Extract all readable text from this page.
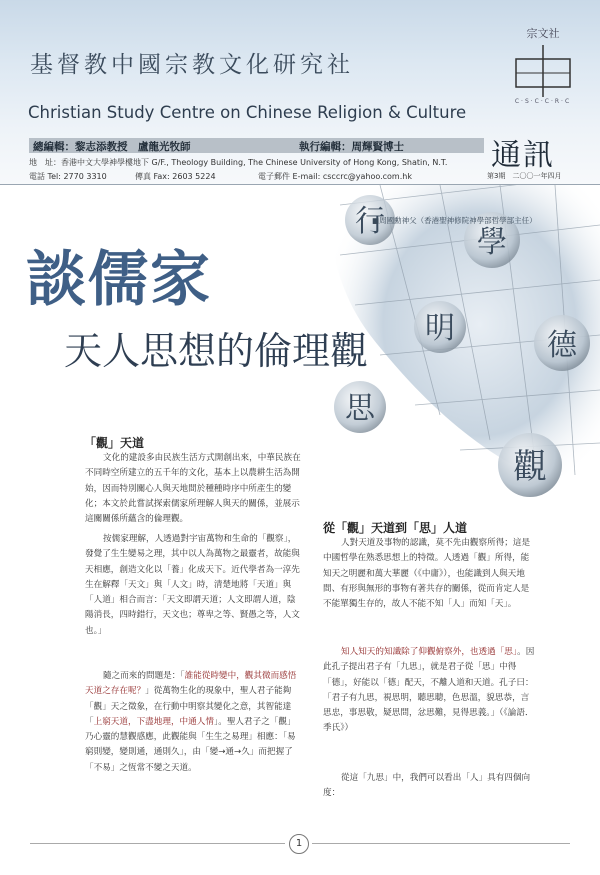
基督教中國宗教文化研究社
Christian Study Centre on Chinese Religion & Culture
宗文社
C·S·C·C·R·C
總編輯：黎志添教授　盧龍光牧師	執行編輯：周輝賢博士
地　址：香港中文大學神學樓地下 G/F., Theology Building, The Chinese University of Hong Kong, Shatin, N.T.
電話 Tel: 2770 3310	傳真 Fax: 2603 5224	電子郵件 E-mail: csccrc@yahoo.com.hk
通訊
第3期　二〇〇一年四月
行
學
明	德
思
觀
■周國勳神父（香港聖神修院神學部哲學部主任）
談儒家
天人思想的倫理觀
「觀」天道

文化的建設多由民族生活方式開創出來，中華民族在不同時空所建立的五千年的文化，基本上以農耕生活為開始，因而特別關心人與天地間於種種時序中所產生的變化；本文於此嘗試探索儒家所理解人與天的關係，並展示這關關係所蘊含的倫理觀。

按儒家理解，人透過對宇宙萬物和生命的「觀察」，發覺了生生變易之理，其中以人為萬物之最靈者，故能與天相應，創造文化以「養」化成天下。近代學者為一淳先生在解釋「天文」與「人文」時，清楚地將「天道」與「人道」相合而言：「天文即謂天道；人文即謂人道，陰陽消長，四時錯行，天文也；尊卑之等、賢愚之等，人文也。」

隨之而來的問題是：「誰能從時變中，觀其微而感悟天道之存在呢？」從萬物生化的現象中，聖人君子能夠「觀」天之徵象，在行動中明察其變化之意，其智能達「上窮天道，下盡地理，中通人情」。聖人君子之「觀」乃心靈的慧觀感應，此觀能與「生生之易理」相應：「易窮則變，變則通，通則久」，由「變→通→久」而把握了「不易」之恆常不變之天道。

從「觀」天道到「思」人道

人對天道及事物的認識，莫不先由觀察所得；這是中國哲學在熟悉思想上的特徵。人透過「觀」所得，能知天之明麗和萬大華麗（《中庸》），也能識到人與天地間、有形與無形的事物有著共存的關係，從而肯定人是不能單獨生存的，故人不能不知「人」而知「天」。

知人知天的知識除了仰觀俯察外，也透過「思」。因此孔子提出君子有「九思」，就是君子從「思」中得「德」，好能以「德」配天，不離人道和天道。孔子曰：「君子有九思，視思明，聽思聰，色思溫，貌思恭，言思忠，事思敬，疑思問，忿思難，見得思義。」（《論語．季氏》）

從這「九思」中，我們可以看出「人」具有四個向度：

1
